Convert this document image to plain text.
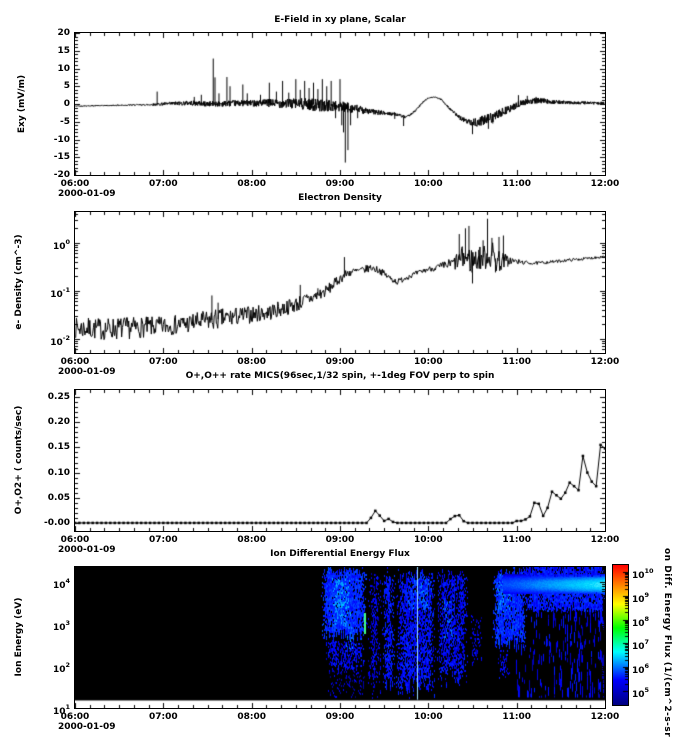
E-Field in xy plane, Scalar
Electron Density
O+,O++ rate MICS(96sec,1/32 spin, +-1deg FOV perp to spin
Ion Differential Energy Flux
Exy (mV/m)
e- Density (cm^-3)
O+,O2+ ( counts/sec)
Ion Energy (eV)	on Diff. Energy Flux (1/(cm^2-s-sr
06:00	07:00	08:00	09:00	10:00	11:00	12:00
2000-01-09
06:00	07:00	08:00	09:00	10:00	11:00	12:00
2000-01-09
06:00	07:00	08:00	09:00	10:00	11:00	12:00
2000-01-09
06:00	07:00	08:00	09:00	10:00	11:00	12:00
2000-01-09
20
15
10
5
0
-5
-10
-15
-20
$10^0$
$10^{-1}$
$10^{-2}$
0.25
0.20
0.15
0.10
0.05
-0.00
$10^4$
$10^3$
$10^2$
$10^1$
$10^{10}$
$10^9$
$10^8$
$10^7$
$10^6$
$10^5$
